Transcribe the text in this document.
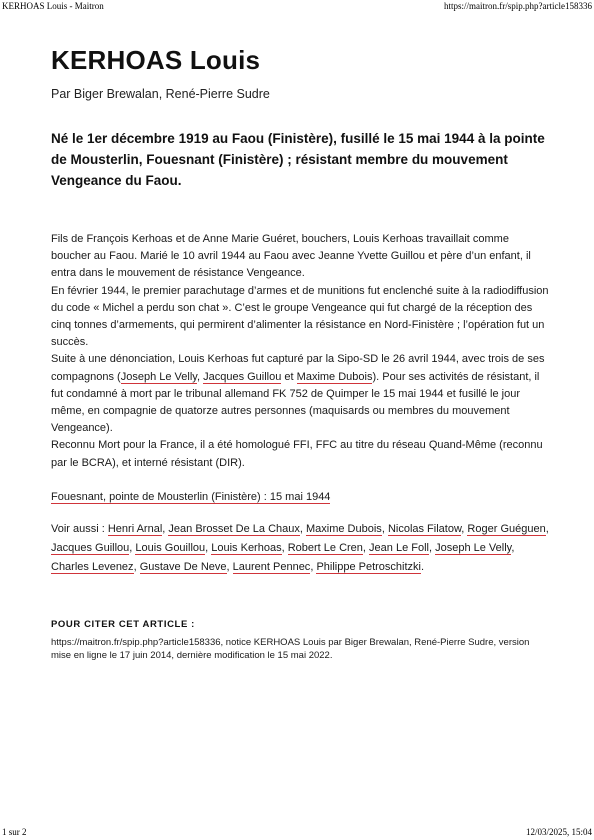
KERHOAS Louis - Maitron	https://maitron.fr/spip.php?article158336
KERHOAS Louis
Par Biger Brewalan, René-Pierre Sudre
Né le 1er décembre 1919 au Faou (Finistère), fusillé le 15 mai 1944 à la pointe de Mousterlin, Fouesnant (Finistère) ; résistant membre du mouvement Vengeance du Faou.

Fils de François Kerhoas et de Anne Marie Guéret, bouchers, Louis Kerhoas travaillait comme boucher au Faou. Marié le 10 avril 1944 au Faou avec Jeanne Yvette Guillou et père d’un enfant, il entra dans le mouvement de résistance Vengeance.

En février 1944, le premier parachutage d’armes et de munitions fut enclenché suite à la radiodiffusion du code « Michel a perdu son chat ». C’est le groupe Vengeance qui fut chargé de la réception des cinq tonnes d’armements, qui permirent d’alimenter la résistance en Nord-Finistère ; l’opération fut un succès.

Suite à une dénonciation, Louis Kerhoas fut capturé par la Sipo-SD le 26 avril 1944, avec trois de ses compagnons (Joseph Le Velly, Jacques Guillou et Maxime Dubois). Pour ses activités de résistant, il fut condamné à mort par le tribunal allemand FK 752 de Quimper le 15 mai 1944 et fusillé le jour même, en compagnie de quatorze autres personnes (maquisards ou membres du mouvement Vengeance).

Reconnu Mort pour la France, il a été homologué FFI, FFC au titre du réseau Quand-Même (reconnu par le BCRA), et interné résistant (DIR).

Fouesnant, pointe de Mousterlin (Finistère) : 15 mai 1944
Voir aussi : Henri Arnal, Jean Brosset De La Chaux, Maxime Dubois, Nicolas Filatow, Roger Guéguen, Jacques Guillou, Louis Gouillou, Louis Kerhoas, Robert Le Cren, Jean Le Foll, Joseph Le Velly, Charles Levenez, Gustave De Neve, Laurent Pennec, Philippe Petroschitzki.
POUR CITER CET ARTICLE :
https://maitron.fr/spip.php?article158336, notice KERHOAS Louis par Biger Brewalan, René-Pierre Sudre, version mise en ligne le 17 juin 2014, dernière modification le 15 mai 2022.
1 sur 2	12/03/2025, 15:04
